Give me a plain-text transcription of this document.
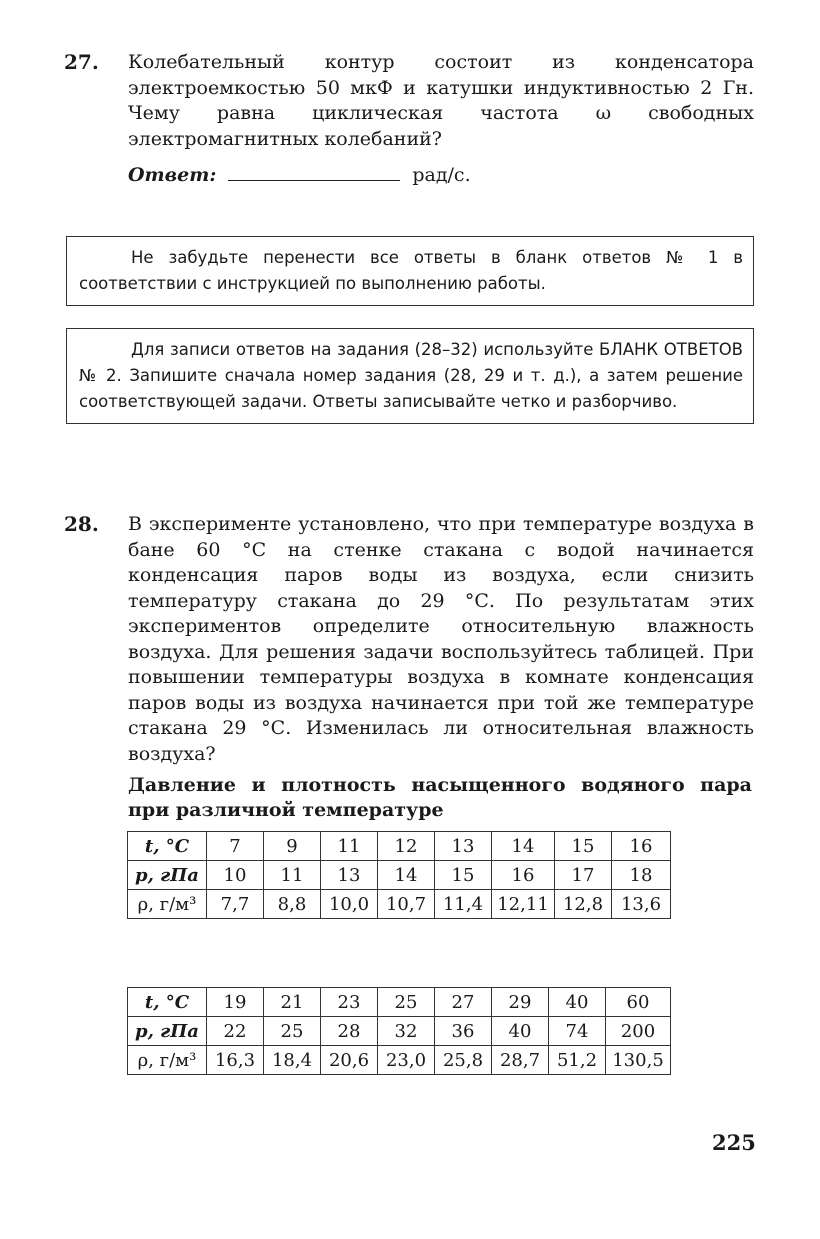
27. Колебательный контур состоит из конденсатора электроемкостью 50 мкФ и катушки индуктивностью 2 Гн. Чему равна циклическая частота ω свободных электромагнитных колебаний?
Ответ:	рад/с.

Не забудьте перенести все ответы в бланк ответов № 1 в соответствии с инструкцией по выполнению работы.

Для записи ответов на задания (28–32) используйте БЛАНК ОТВЕТОВ № 2. Запишите сначала номер задания (28, 29 и т. д.), а затем решение соответствующей задачи. Ответы записывайте четко и разборчиво.

28. В эксперименте установлено, что при температуре воздуха в бане 60 °С на стенке стакана с водой начинается конденсация паров воды из воздуха, если снизить температуру стакана до 29 °С. По результатам этих экспериментов определите относительную влажность воздуха. Для решения задачи воспользуйтесь таблицей. При повышении температуры воздуха в комнате конденсация паров воды из воздуха начинается при той же температуре стакана 29 °С. Изменилась ли относительная влажность воздуха?
Давление и плотность насыщенного водяного пара при различной температуре
t, °С	7	9	11	12	13	14	15	16
p, гПа	10	11	13	14	15	16	17	18
ρ, г/м³	7,7	8,8	10,0	10,7	11,4	12,11	12,8	13,6
t, °С	19	21	23	25	27	29	40	60
p, гПа	22	25	28	32	36	40	74	200
ρ, г/м³	16,3	18,4	20,6	23,0	25,8	28,7	51,2	130,5
225
